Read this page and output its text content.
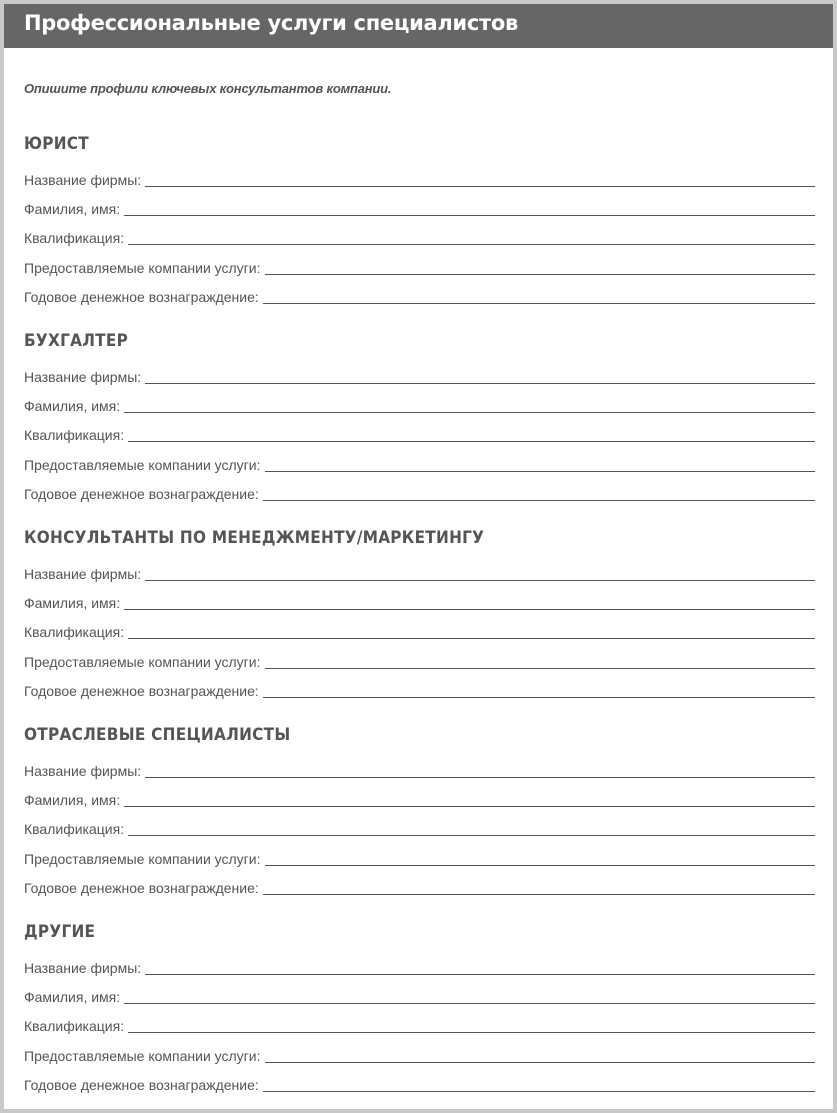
Профессиональные услуги специалистов
Опишите профили ключевых консультантов компании.
ЮРИСТ
Название фирмы:
Фамилия, имя:
Квалификация:
Предоставляемые компании услуги:
Годовое денежное вознаграждение:
БУХГАЛТЕР
Название фирмы:
Фамилия, имя:
Квалификация:
Предоставляемые компании услуги:
Годовое денежное вознаграждение:
КОНСУЛЬТАНТЫ ПО МЕНЕДЖМЕНТУ/МАРКЕТИНГУ
Название фирмы:
Фамилия, имя:
Квалификация:
Предоставляемые компании услуги:
Годовое денежное вознаграждение:
ОТРАСЛЕВЫЕ СПЕЦИАЛИСТЫ
Название фирмы:
Фамилия, имя:
Квалификация:
Предоставляемые компании услуги:
Годовое денежное вознаграждение:
ДРУГИЕ
Название фирмы:
Фамилия, имя:
Квалификация:
Предоставляемые компании услуги:
Годовое денежное вознаграждение:
